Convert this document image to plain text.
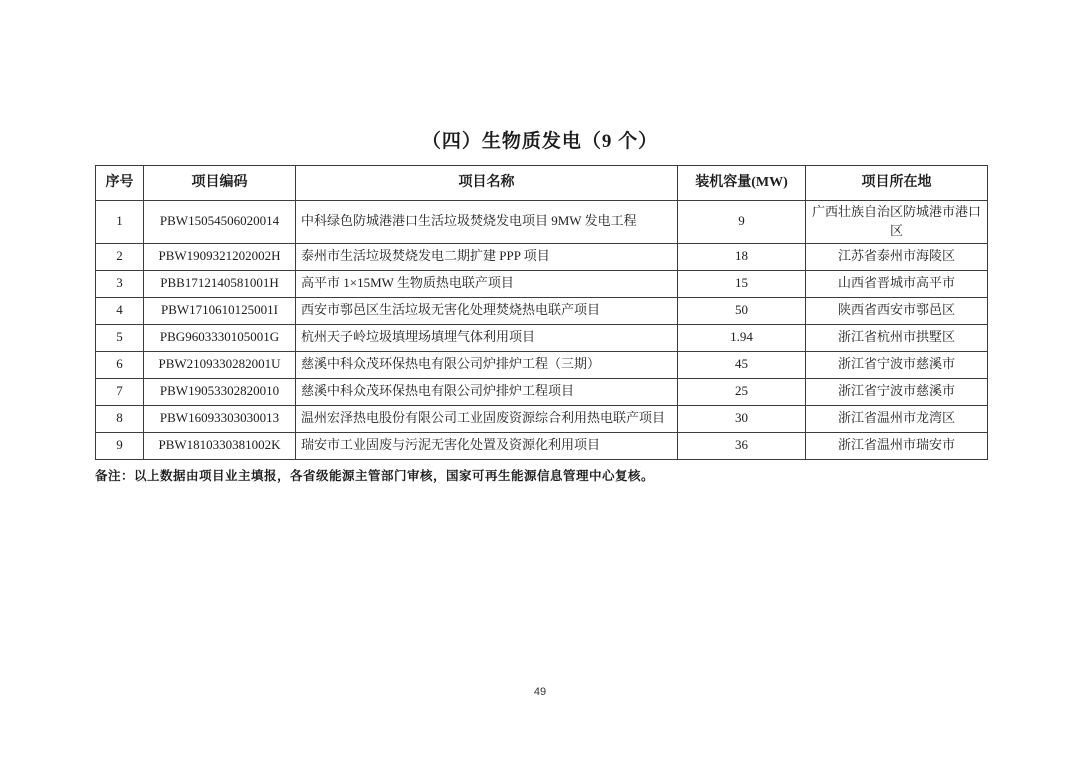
（四）生物质发电（9 个）
序号	项目编码	项目名称	装机容量(MW)	项目所在地
1	PBW15054506020014	中科绿色防城港港口生活垃圾焚烧发电项目 9MW 发电工程	9	广西壮族自治区防城港市港口区
2	PBW1909321202002H	泰州市生活垃圾焚烧发电二期扩建 PPP 项目	18	江苏省泰州市海陵区
3	PBB1712140581001H	高平市 1×15MW 生物质热电联产项目	15	山西省晋城市高平市
4	PBW1710610125001I	西安市鄠邑区生活垃圾无害化处理焚烧热电联产项目	50	陕西省西安市鄠邑区
5	PBG9603330105001G	杭州天子岭垃圾填埋场填埋气体利用项目	1.94	浙江省杭州市拱墅区
6	PBW2109330282001U	慈溪中科众茂环保热电有限公司炉排炉工程（三期）	45	浙江省宁波市慈溪市
7	PBW19053302820010	慈溪中科众茂环保热电有限公司炉排炉工程项目	25	浙江省宁波市慈溪市
8	PBW16093303030013	温州宏泽热电股份有限公司工业固废资源综合利用热电联产项目	30	浙江省温州市龙湾区
9	PBW1810330381002K	瑞安市工业固废与污泥无害化处置及资源化利用项目	36	浙江省温州市瑞安市
备注：以上数据由项目业主填报，各省级能源主管部门审核，国家可再生能源信息管理中心复核。
49
